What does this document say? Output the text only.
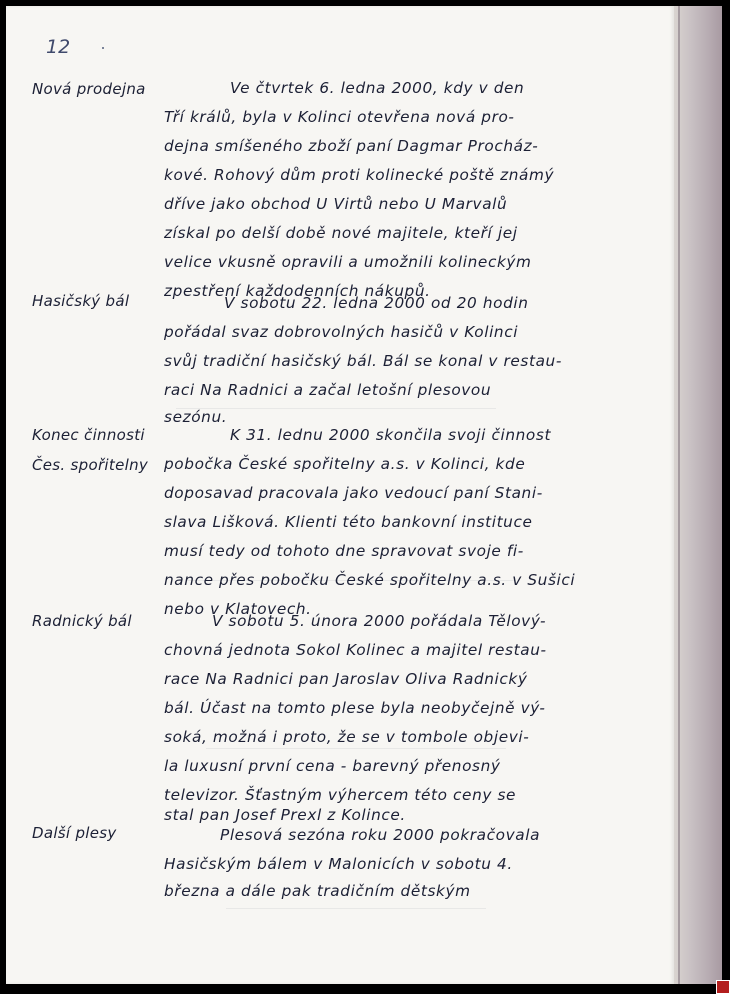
12
Nová prodejna	Ve čtvrtek 6. ledna 2000, kdy v den
Tří králů, byla v Kolinci otevřena nová pro-
dejna smíšeného zboží paní Dagmar Procház-
kové. Rohový dům proti kolinecké poště známý
dříve jako obchod U Virtů nebo U Marvalů
získal po delší době nové majitele, kteří jej
velice vkusně opravili a umožnili kolineckým
zpestření každodenních nákupů.
Hasičský bál	V sobotu 22. ledna 2000 od 20 hodin
pořádal svaz dobrovolných hasičů v Kolinci
svůj tradiční hasičský bál. Bál se konal v restau-
raci Na Radnici a začal letošní plesovou
sezónu.
Konec činnosti
Čes. spořitelny
K 31. lednu 2000 skončila svoji činnost
pobočka České spořitelny a.s. v Kolinci, kde
doposavad pracovala jako vedoucí paní Stani-
slava Lišková. Klienti této bankovní instituce
musí tedy od tohoto dne spravovat svoje fi-
nance přes pobočku České spořitelny a.s. v Sušici
nebo v Klatovech.
Radnický bál	V sobotu 5. února 2000 pořádala Tělový-
chovná jednota Sokol Kolinec a majitel restau-
race Na Radnici pan Jaroslav Oliva Radnický
bál. Účast na tomto plese byla neobyčejně vý-
soká, možná i proto, že se v tombole objevi-
la luxusní první cena - barevný přenosný
televizor. Šťastným výhercem této ceny se
stal pan Josef Prexl z Kolince.
Další plesy	Plesová sezóna roku 2000 pokračovala
Hasičským bálem v Malonicích v sobotu 4.
března a dále pak tradičním dětským
